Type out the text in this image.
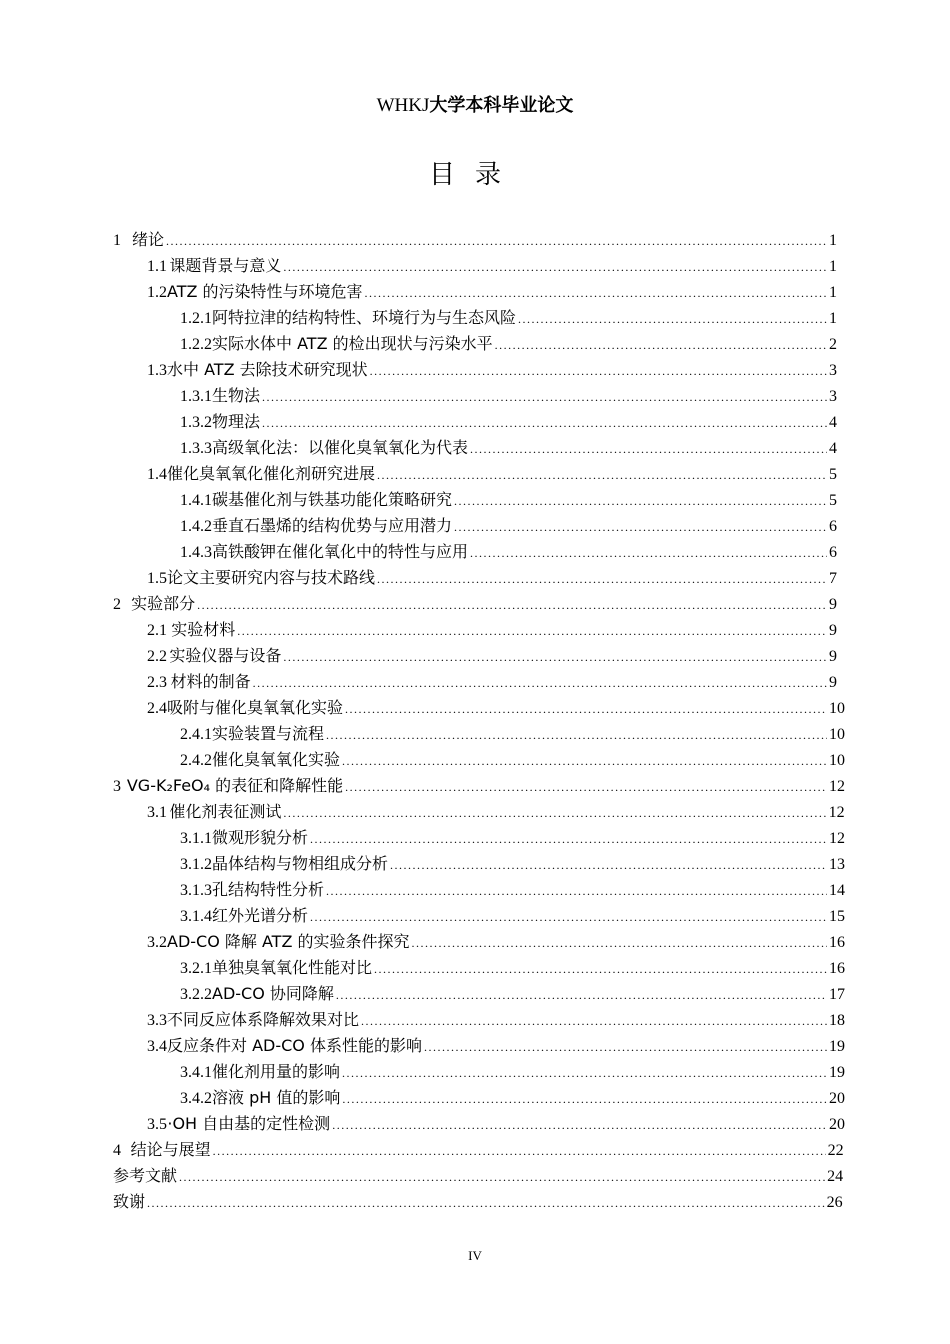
WHKJ大学本科毕业论文
目录
1 绪论 .....	1
1.1 课题背景与意义 .....	1
1.2 ATZ 的污染特性与环境危害 .....	1
1.2.1 阿特拉津的结构特性、环境行为与生态风险 .....	1
1.2.2 实际水体中 ATZ 的检出现状与污染水平 .....	2
1.3 水中 ATZ 去除技术研究现状 .....	3
1.3.1 生物法 .....	3
1.3.2 物理法 .....	4
1.3.3 高级氧化法：以催化臭氧氧化为代表 .....	4
1.4 催化臭氧氧化催化剂研究进展 .....	5
1.4.1 碳基催化剂与铁基功能化策略研究 .....	5
1.4.2 垂直石墨烯的结构优势与应用潜力 .....	6
1.4.3 高铁酸钾在催化氧化中的特性与应用 .....	6
1.5 论文主要研究内容与技术路线 .....	7
2 实验部分 .....	9
2.1 实验材料 .....	9
2.2 实验仪器与设备 .....	9
2.3 材料的制备 .....	9
2.4 吸附与催化臭氧氧化实验 .....	10
2.4.1 实验装置与流程 .....	10
2.4.2 催化臭氧氧化实验 .....	10
3 VG-K₂FeO₄ 的表征和降解性能 .....	12
3.1 催化剂表征测试 .....	12
3.1.1 微观形貌分析 .....	12
3.1.2 晶体结构与物相组成分析 .....	13
3.1.3 孔结构特性分析 .....	14
3.1.4 红外光谱分析 .....	15
3.2 AD-CO 降解 ATZ 的实验条件探究 .....	16
3.2.1 单独臭氧氧化性能对比 .....	16
3.2.2 AD-CO 协同降解 .....	17
3.3 不同反应体系降解效果对比 .....	18
3.4 反应条件对 AD-CO 体系性能的影响 .....	19
3.4.1 催化剂用量的影响 .....	19
3.4.2 溶液 pH 值的影响 .....	20
3.5 ·OH 自由基的定性检测 .....	20
4 结论与展望 .....	22
参考文献 .....	24
致谢 .....	26
IV
